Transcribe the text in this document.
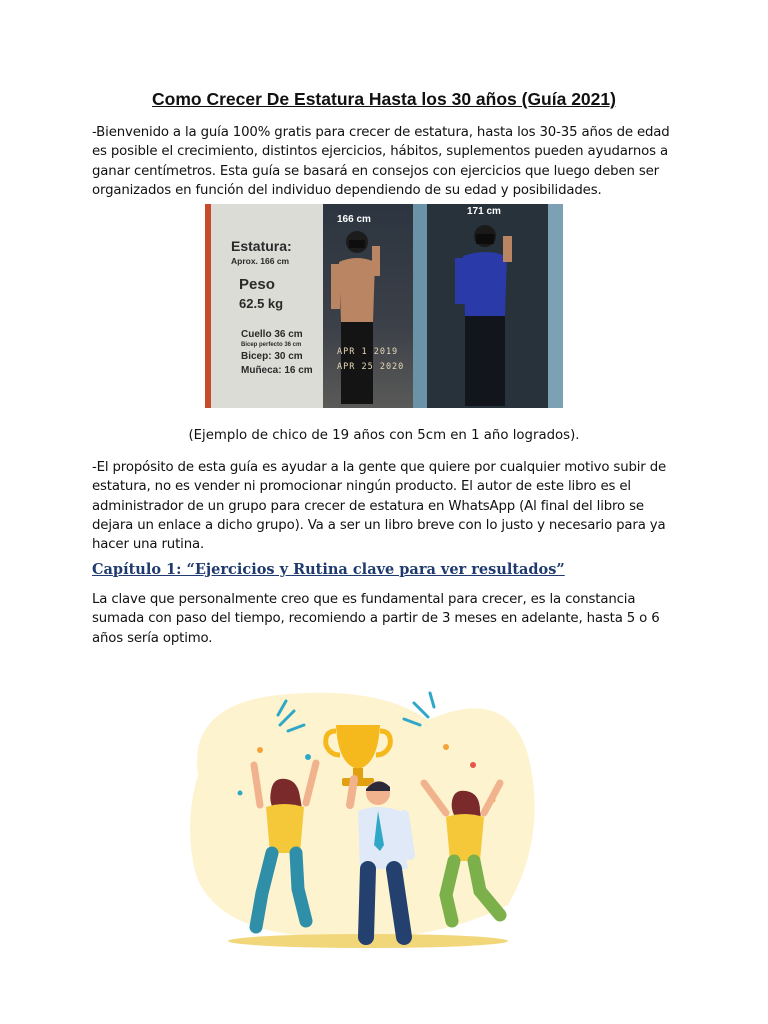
Como Crecer De Estatura Hasta los 30 años (Guía 2021)

-Bienvenido a la guía 100% gratis para crecer de estatura, hasta los 30-35 años de edad es posible el crecimiento, distintos ejercicios, hábitos, suplementos pueden ayudarnos a ganar centímetros. Esta guía se basará en consejos con ejercicios que luego deben ser organizados en función del individuo dependiendo de su edad y posibilidades.

Estatura:
Aprox. 166 cm
Peso
62.5 kg
Cuello 36 cm
Bicep perfecto 36 cm
Bicep: 30 cm
Muñeca: 16 cm
166 cm
APR 1 2019
APR 25 2020
171 cm

(Ejemplo de chico de 19 años con 5cm en 1 año logrados).

-El propósito de esta guía es ayudar a la gente que quiere por cualquier motivo subir de estatura, no es vender ni promocionar ningún producto. El autor de este libro es el administrador de un grupo para crecer de estatura en WhatsApp (Al final del libro se dejara un enlace a dicho grupo). Va a ser un libro breve con lo justo y necesario para ya hacer una rutina.

Capítulo 1: “Ejercicios y Rutina clave para ver resultados”

La clave que personalmente creo que es fundamental para crecer, es la constancia sumada con paso del tiempo, recomiendo a partir de 3 meses en adelante, hasta 5 o 6 años sería optimo.
